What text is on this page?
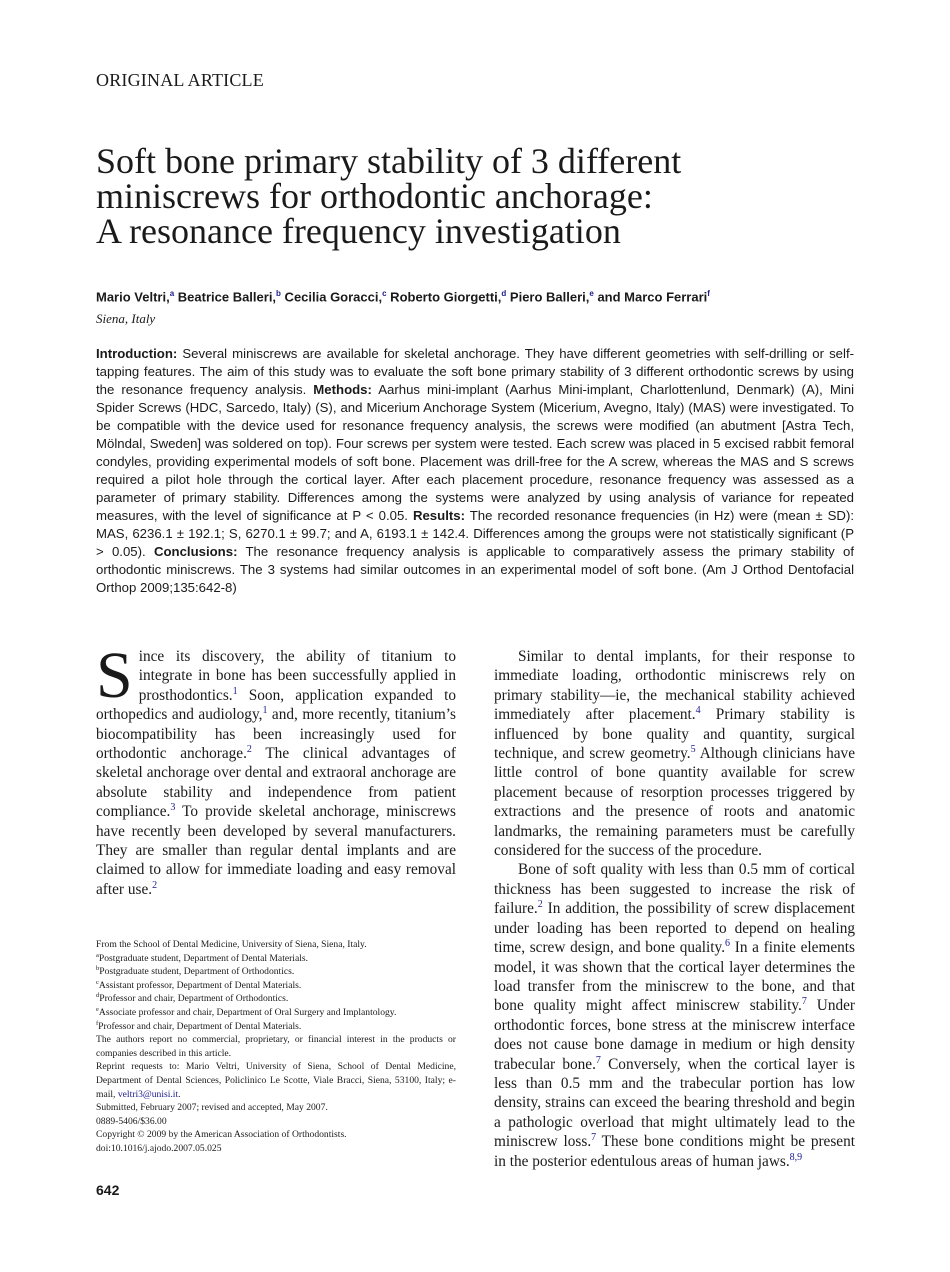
ORIGINAL ARTICLE
Soft bone primary stability of 3 different
miniscrews for orthodontic anchorage:
A resonance frequency investigation
Mario Veltri,$^a$ Beatrice Balleri,$^b$ Cecilia Goracci,$^c$ Roberto Giorgetti,$^d$ Piero Balleri,$^e$ and Marco Ferrari$^f$
Siena, Italy
Introduction: Several miniscrews are available for skeletal anchorage. They have different geometries with self-drilling or self-tapping features. The aim of this study was to evaluate the soft bone primary stability of 3 different orthodontic screws by using the resonance frequency analysis. Methods: Aarhus mini-implant (Aarhus Mini-implant, Charlottenlund, Denmark) (A), Mini Spider Screws (HDC, Sarcedo, Italy) (S), and Micerium Anchorage System (Micerium, Avegno, Italy) (MAS) were investigated. To be compatible with the device used for resonance frequency analysis, the screws were modified (an abutment [Astra Tech, Mölndal, Sweden] was soldered on top). Four screws per system were tested. Each screw was placed in 5 excised rabbit femoral condyles, providing experimental models of soft bone. Placement was drill-free for the A screw, whereas the MAS and S screws required a pilot hole through the cortical layer. After each placement procedure, resonance frequency was assessed as a parameter of primary stability. Differences among the systems were analyzed by using analysis of variance for repeated measures, with the level of significance at P < 0.05. Results: The recorded resonance frequencies (in Hz) were (mean ± SD): MAS, 6236.1 ± 192.1; S, 6270.1 ± 99.7; and A, 6193.1 ± 142.4. Differences among the groups were not statistically significant (P > 0.05). Conclusions: The resonance frequency analysis is applicable to comparatively assess the primary stability of orthodontic miniscrews. The 3 systems had similar outcomes in an experimental model of soft bone. (Am J Orthod Dentofacial Orthop 2009;135:642-8)

Since its discovery, the ability of titanium to integrate in bone has been successfully applied in prosthodontics.$^1$ Soon, application expanded to orthopedics and audiology,$^1$ and, more recently, titanium’s biocompatibility has been increasingly used for orthodontic anchorage.$^2$ The clinical advantages of skeletal anchorage over dental and extraoral anchorage are absolute stability and independence from patient compliance.$^3$ To provide skeletal anchorage, miniscrews have recently been developed by several manufacturers. They are smaller than regular dental implants and are claimed to allow for immediate loading and easy removal after use.$^2$

Similar to dental implants, for their response to immediate loading, orthodontic miniscrews rely on primary stability—ie, the mechanical stability achieved immediately after placement.$^4$ Primary stability is influenced by bone quality and quantity, surgical technique, and screw geometry.$^5$ Although clinicians have little control of bone quantity available for screw placement because of resorption processes triggered by extractions and the presence of roots and anatomic landmarks, the remaining parameters must be carefully considered for the success of the procedure.

Bone of soft quality with less than 0.5 mm of cortical thickness has been suggested to increase the risk of failure.$^2$ In addition, the possibility of screw displacement under loading has been reported to depend on healing time, screw design, and bone quality.$^6$ In a finite elements model, it was shown that the cortical layer determines the load transfer from the miniscrew to the bone, and that bone quality might affect miniscrew stability.$^7$ Under orthodontic forces, bone stress at the miniscrew interface does not cause bone damage in medium or high density trabecular bone.$^7$ Conversely, when the cortical layer is less than 0.5 mm and the trabecular portion has low density, strains can exceed the bearing threshold and begin a pathologic overload that might ultimately lead to the miniscrew loss.$^7$ These bone conditions might be present in the posterior edentulous areas of human jaws.$^{8,9}$

From the School of Dental Medicine, University of Siena, Siena, Italy.
$^a$Postgraduate student, Department of Dental Materials.
$^b$Postgraduate student, Department of Orthodontics.
$^c$Assistant professor, Department of Dental Materials.
$^d$Professor and chair, Department of Orthodontics.
$^e$Associate professor and chair, Department of Oral Surgery and Implantology.
$^f$Professor and chair, Department of Dental Materials.
The authors report no commercial, proprietary, or financial interest in the products or companies described in this article.
Reprint requests to: Mario Veltri, University of Siena, School of Dental Medicine, Department of Dental Sciences, Policlinico Le Scotte, Viale Bracci, Siena, 53100, Italy; e-mail, veltri3@unisi.it.
Submitted, February 2007; revised and accepted, May 2007.
0889-5406/$36.00
Copyright © 2009 by the American Association of Orthodontists.
doi:10.1016/j.ajodo.2007.05.025
642
